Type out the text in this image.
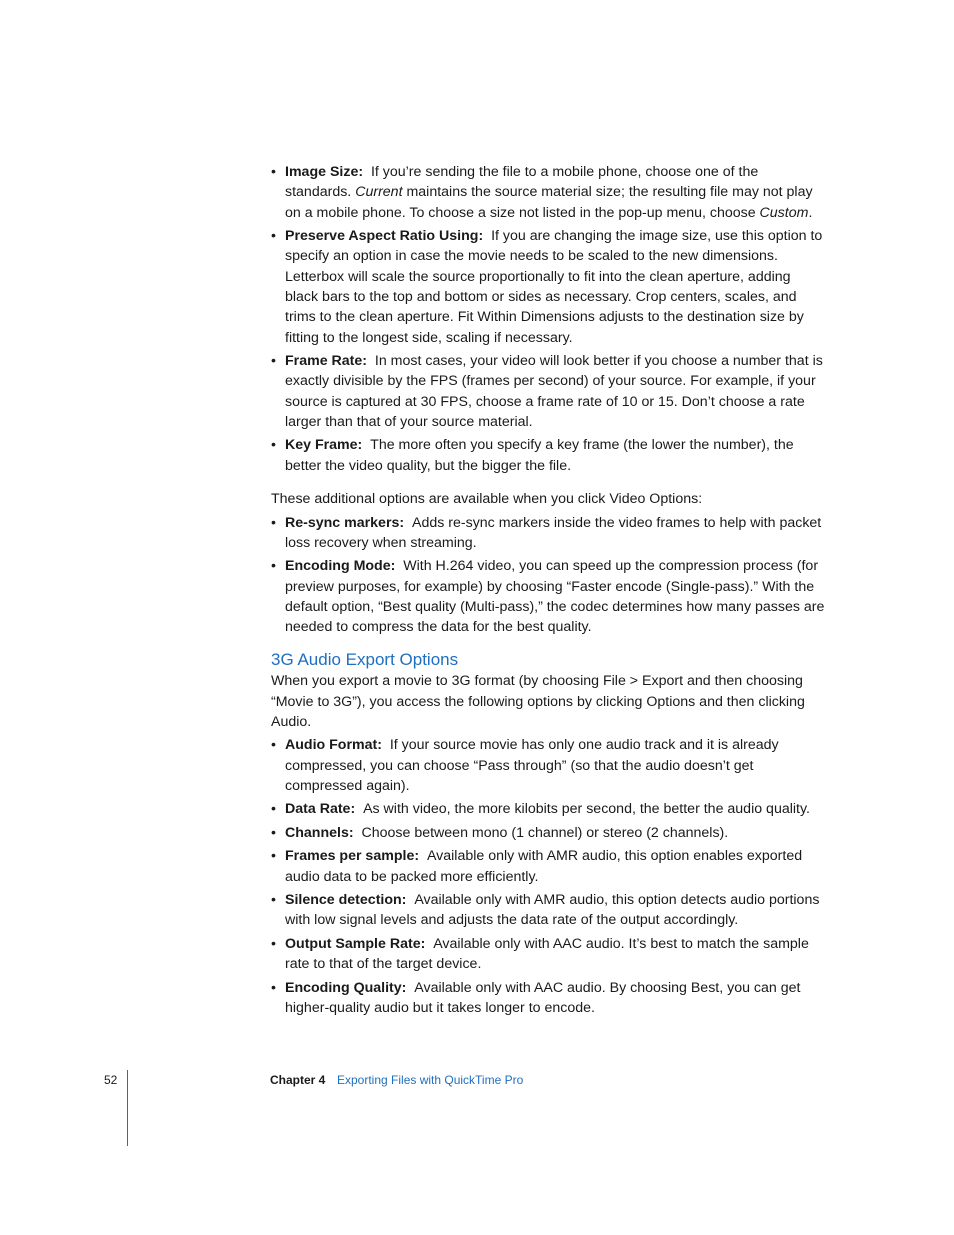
• Image Size: If you’re sending the file to a mobile phone, choose one of the standards. Current maintains the source material size; the resulting file may not play on a mobile phone. To choose a size not listed in the pop-up menu, choose Custom.
• Preserve Aspect Ratio Using: If you are changing the image size, use this option to specify an option in case the movie needs to be scaled to the new dimensions. Letterbox will scale the source proportionally to fit into the clean aperture, adding black bars to the top and bottom or sides as necessary. Crop centers, scales, and trims to the clean aperture. Fit Within Dimensions adjusts to the destination size by fitting to the longest side, scaling if necessary.
• Frame Rate: In most cases, your video will look better if you choose a number that is exactly divisible by the FPS (frames per second) of your source. For example, if your source is captured at 30 FPS, choose a frame rate of 10 or 15. Don’t choose a rate larger than that of your source material.
• Key Frame: The more often you specify a key frame (the lower the number), the better the video quality, but the bigger the file.

These additional options are available when you click Video Options:

• Re-sync markers: Adds re-sync markers inside the video frames to help with packet loss recovery when streaming.
• Encoding Mode: With H.264 video, you can speed up the compression process (for preview purposes, for example) by choosing “Faster encode (Single-pass).” With the default option, “Best quality (Multi-pass),” the codec determines how many passes are needed to compress the data for the best quality.
3G Audio Export Options

When you export a movie to 3G format (by choosing File > Export and then choosing “Movie to 3G”), you access the following options by clicking Options and then clicking Audio.

• Audio Format: If your source movie has only one audio track and it is already compressed, you can choose “Pass through” (so that the audio doesn’t get compressed again).
• Data Rate: As with video, the more kilobits per second, the better the audio quality.
• Channels: Choose between mono (1 channel) or stereo (2 channels).
• Frames per sample: Available only with AMR audio, this option enables exported audio data to be packed more efficiently.
• Silence detection: Available only with AMR audio, this option detects audio portions with low signal levels and adjusts the data rate of the output accordingly.
• Output Sample Rate: Available only with AAC audio. It’s best to match the sample rate to that of the target device.
• Encoding Quality: Available only with AAC audio. By choosing Best, you can get higher-quality audio but it takes longer to encode.
52	Chapter 4 Exporting Files with QuickTime Pro
